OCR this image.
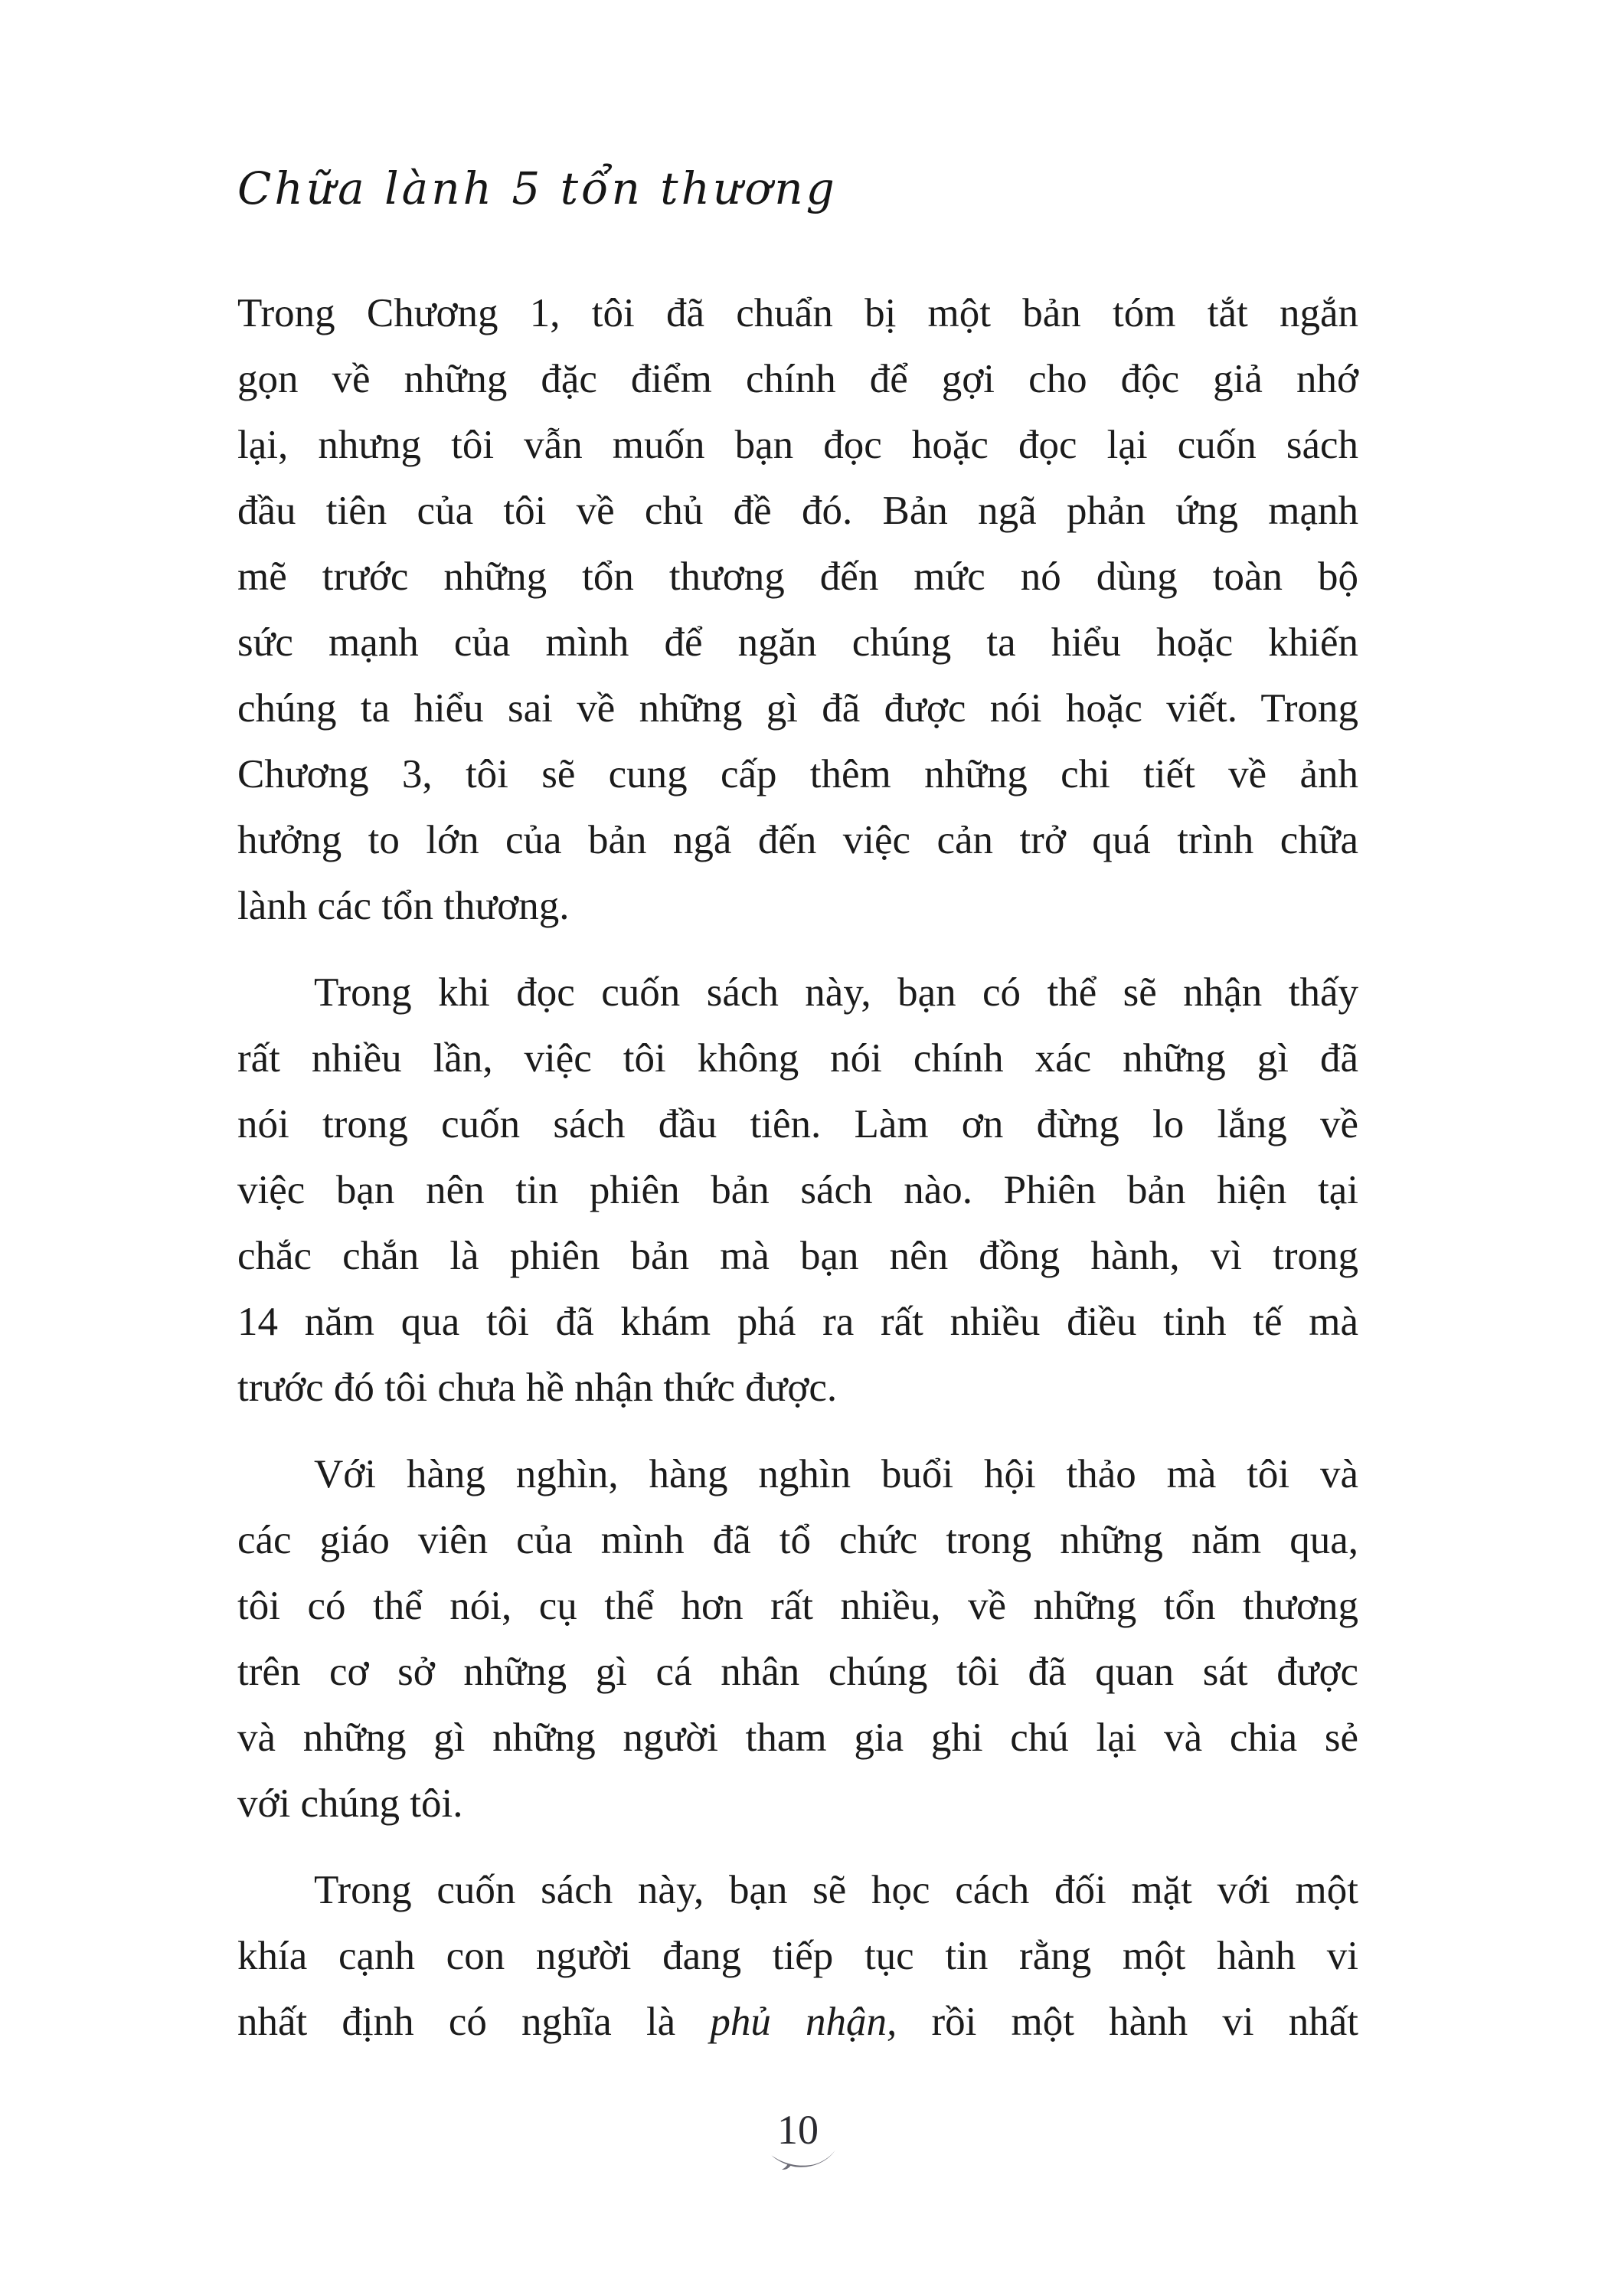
Chữa lành 5 tổn thương
Trong Chương 1, tôi đã chuẩn bị một bản tóm tắt ngắn
gọn về những đặc điểm chính để gợi cho độc giả nhớ
lại, nhưng tôi vẫn muốn bạn đọc hoặc đọc lại cuốn sách
đầu tiên của tôi về chủ đề đó. Bản ngã phản ứng mạnh
mẽ trước những tổn thương đến mức nó dùng toàn bộ
sức mạnh của mình để ngăn chúng ta hiểu hoặc khiến
chúng ta hiểu sai về những gì đã được nói hoặc viết. Trong
Chương 3, tôi sẽ cung cấp thêm những chi tiết về ảnh
hưởng to lớn của bản ngã đến việc cản trở quá trình chữa
lành các tổn thương.
Trong khi đọc cuốn sách này, bạn có thể sẽ nhận thấy
rất nhiều lần, việc tôi không nói chính xác những gì đã
nói trong cuốn sách đầu tiên. Làm ơn đừng lo lắng về
việc bạn nên tin phiên bản sách nào. Phiên bản hiện tại
chắc chắn là phiên bản mà bạn nên đồng hành, vì trong
14 năm qua tôi đã khám phá ra rất nhiều điều tinh tế mà
trước đó tôi chưa hề nhận thức được.
Với hàng nghìn, hàng nghìn buổi hội thảo mà tôi và
các giáo viên của mình đã tổ chức trong những năm qua,
tôi có thể nói, cụ thể hơn rất nhiều, về những tổn thương
trên cơ sở những gì cá nhân chúng tôi đã quan sát được
và những gì những người tham gia ghi chú lại và chia sẻ
với chúng tôi.
Trong cuốn sách này, bạn sẽ học cách đối mặt với một
khía cạnh con người đang tiếp tục tin rằng một hành vi
nhất định có nghĩa là phủ nhận, rồi một hành vi nhất
10
